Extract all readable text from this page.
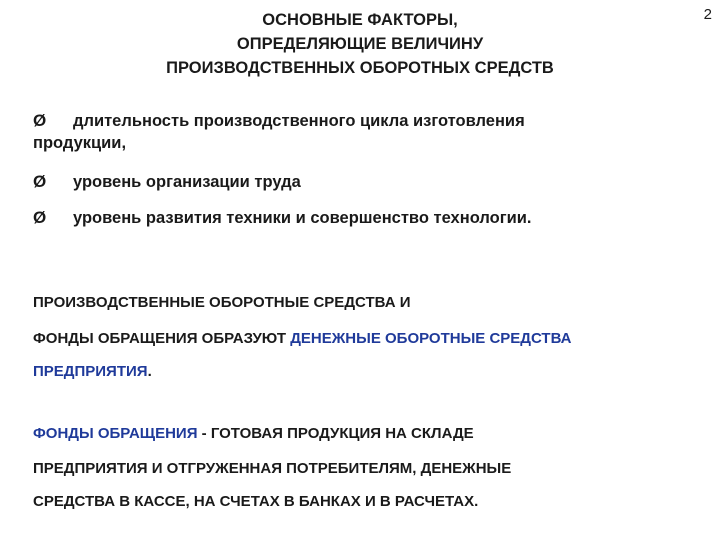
2
ОСНОВНЫЕ ФАКТОРЫ,
ОПРЕДЕЛЯЮЩИЕ ВЕЛИЧИНУ
ПРОИЗВОДСТВЕННЫХ ОБОРОТНЫХ СРЕДСТВ
Ø длительность производственного цикла изготовления
продукции,
Ø уровень организации труда
Ø уровень развития техники и совершенство технологии.
ПРОИЗВОДСТВЕННЫЕ ОБОРОТНЫЕ СРЕДСТВА И
ФОНДЫ ОБРАЩЕНИЯ ОБРАЗУЮТ ДЕНЕЖНЫЕ ОБОРОТНЫЕ СРЕДСТВА
ПРЕДПРИЯТИЯ.
ФОНДЫ ОБРАЩЕНИЯ - ГОТОВАЯ ПРОДУКЦИЯ НА СКЛАДЕ
ПРЕДПРИЯТИЯ И ОТГРУЖЕННАЯ ПОТРЕБИТЕЛЯМ, ДЕНЕЖНЫЕ
СРЕДСТВА В КАССЕ, НА СЧЕТАХ В БАНКАХ И В РАСЧЕТАХ.
